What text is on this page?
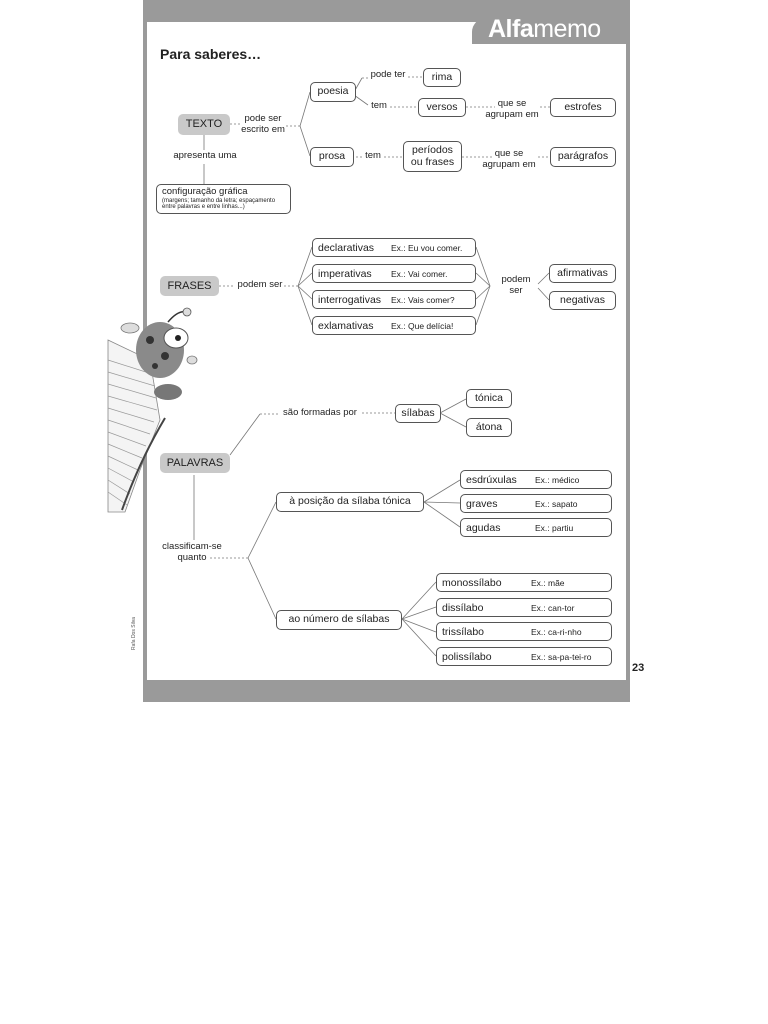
Alfamemo
Para saberes…
TEXTO	pode ser
escrito em
apresenta uma
configuração gráfica
(margens; tamanho da letra; espaçamento entre palavras e entre linhas...)
poesia
pode ter	rima
tem	versos	que se
agrupam em
estrofes
prosa	tem	períodos
ou frases
que se
agrupam em
parágrafos
FRASES	podem ser
declarativas Ex.: Eu vou comer.
imperativas Ex.: Vai comer.
interrogativas Ex.: Vais comer?
exlamativas Ex.: Que delícia!
podem
ser
afirmativas
negativas
PALAVRAS
são formadas por	sílabas
tónica
átona
classificam-se
quanto
à posição da sílaba tónica
esdrúxulas Ex.: médico
graves	Ex.: sapato
agudas	Ex.: partiu
ao número de sílabas
monossílabo	Ex.: mãe
dissílabo	Ex.: can-tor
trissílabo	Ex.: ca-ri-nho
polissílabo	Ex.: sa-pa-tei-ro
Rafa Dos Silva
23
